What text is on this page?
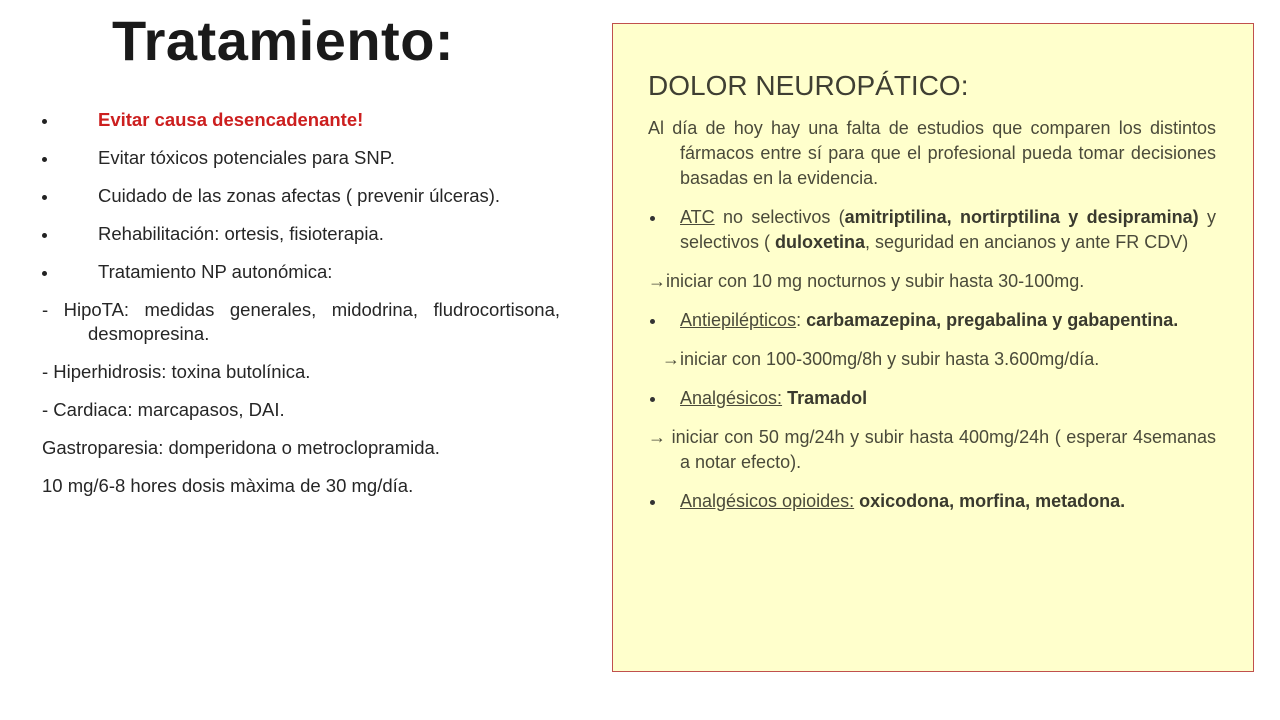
Tratamiento:

Evitar causa desencadenante!

Evitar tóxicos potenciales para SNP.

Cuidado de las zonas afectas ( prevenir úlceras).

Rehabilitación: ortesis, fisioterapia.

Tratamiento NP autonómica:

- HipoTA: medidas generales, midodrina, fludrocortisona, desmopresina.

- Hiperhidrosis: toxina butolínica.

- Cardiaca: marcapasos, DAI.

Gastroparesia: domperidona o metroclopramida.

10 mg/6-8 hores dosis màxima de 30 mg/día.

DOLOR NEUROPÁTICO:

Al día de hoy hay una falta de estudios que comparen los distintos fármacos entre sí para que el profesional pueda tomar decisiones basadas en la evidencia.

ATC no selectivos (amitriptilina, nortirptilina y desipramina) y selectivos ( duloxetina, seguridad en ancianos y ante FR CDV)

→iniciar con 10 mg nocturnos y subir hasta 30-100mg.

Antiepilépticos: carbamazepina, pregabalina y gabapentina.

→iniciar con 100-300mg/8h y subir hasta 3.600mg/día.

Analgésicos: Tramadol

→ iniciar con 50 mg/24h y subir hasta 400mg/24h ( esperar 4semanas a notar efecto).

Analgésicos opioides: oxicodona, morfina, metadona.
